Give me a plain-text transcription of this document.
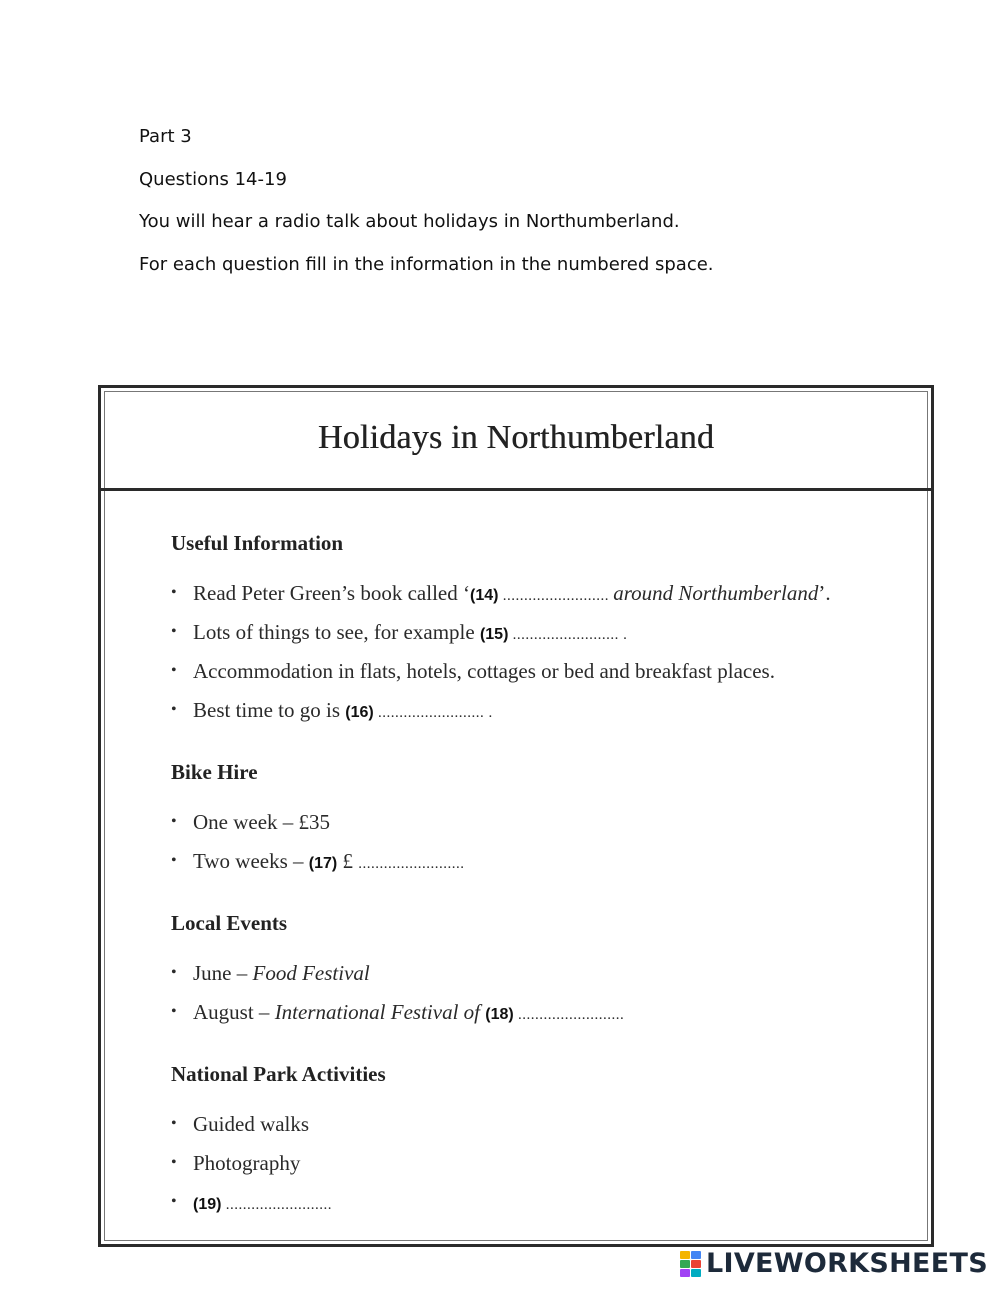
Part 3
Questions 14-19
You will hear a radio talk about holidays in Northumberland.
For each question fill in the information in the numbered space.
Holidays in Northumberland
Useful Information
• Read Peter Green’s book called ‘(14) ......................... around Northumberland’.
• Lots of things to see, for example (15) ......................... .
• Accommodation in flats, hotels, cottages or bed and breakfast places.
• Best time to go is (16) ......................... .
Bike Hire
• One week – £35
• Two weeks – (17) £ .........................
Local Events
• June – Food Festival
• August – International Festival of (18) .........................
National Park Activities
• Guided walks
• Photography
• (19) .........................
LIVEWORKSHEETS
